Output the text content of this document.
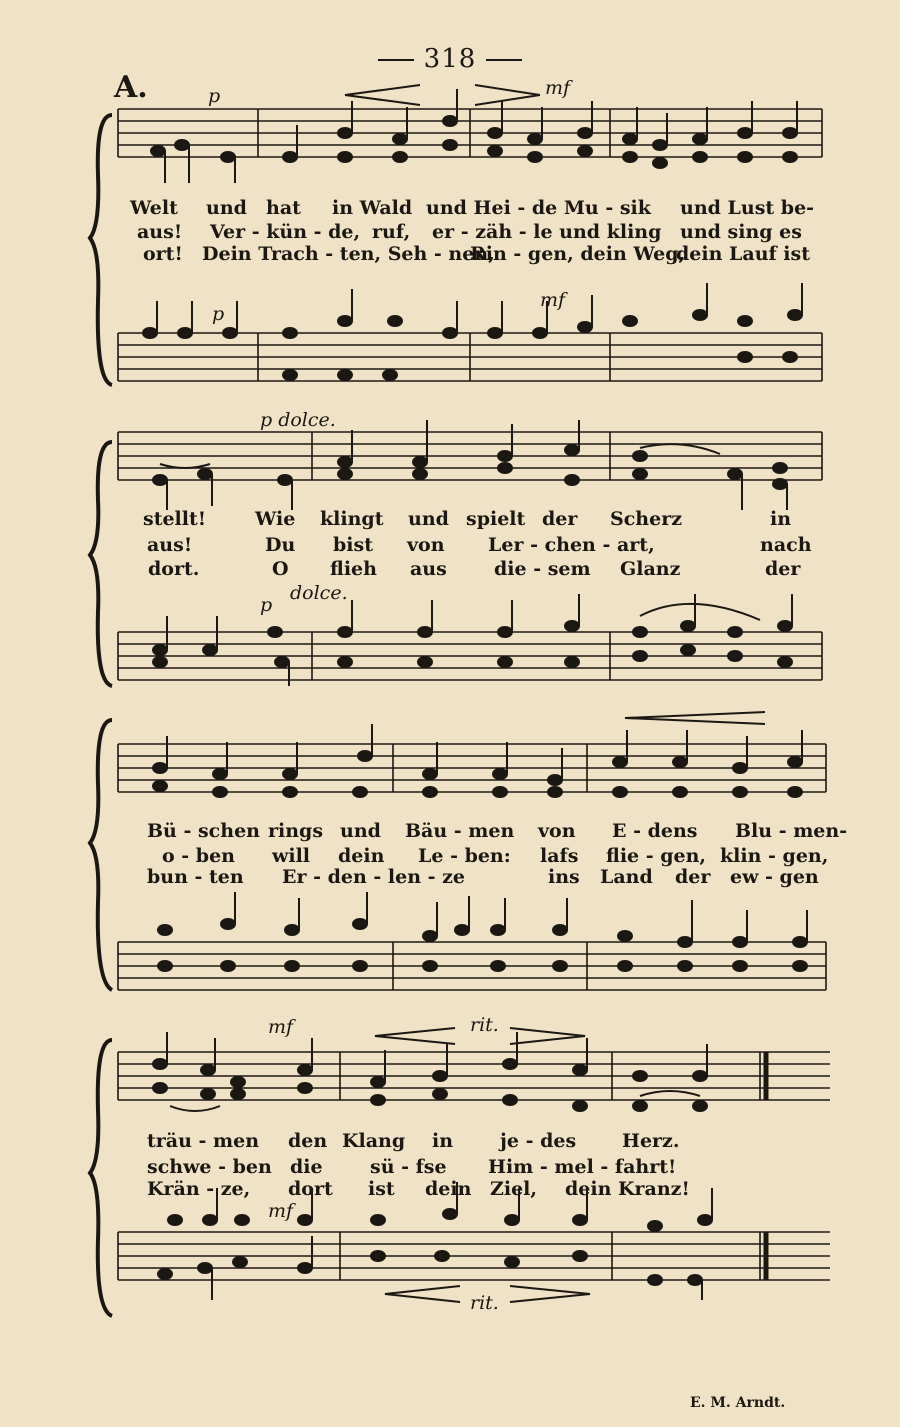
318
A.	p	mf
p
mf
p dolce.
Welt und hat in Wald und Hei - de Mu - sik und Lust be-
aus! Ver - kün - de, ruf, er - zäh - le und kling und sing es
ort! Dein Trach - ten, Seh - nen,
Rin - gen, dein Weg,
dein Lauf ist
p
dolce.
stellt!	Wie klingt und spielt der Scherz	in
aus!	Du bist von Ler - chen - art,	nach
dort.	O flieh aus die - sem Glanz	der
Bü - schen rings und Bäu - men von E - dens Blu - men-
o - ben will dein Le - ben: lafs flie - gen, klin - gen,
bun - ten Er - den - len - ze	ins Land der ew - gen
mf	rit.
mf
rit.
träu - men den Klang in je - des Herz.
schwe - ben die sü - fse Him - mel - fahrt!
Krän - ze, dort ist dein Ziel, dein Kranz!
E. M. Arndt.
